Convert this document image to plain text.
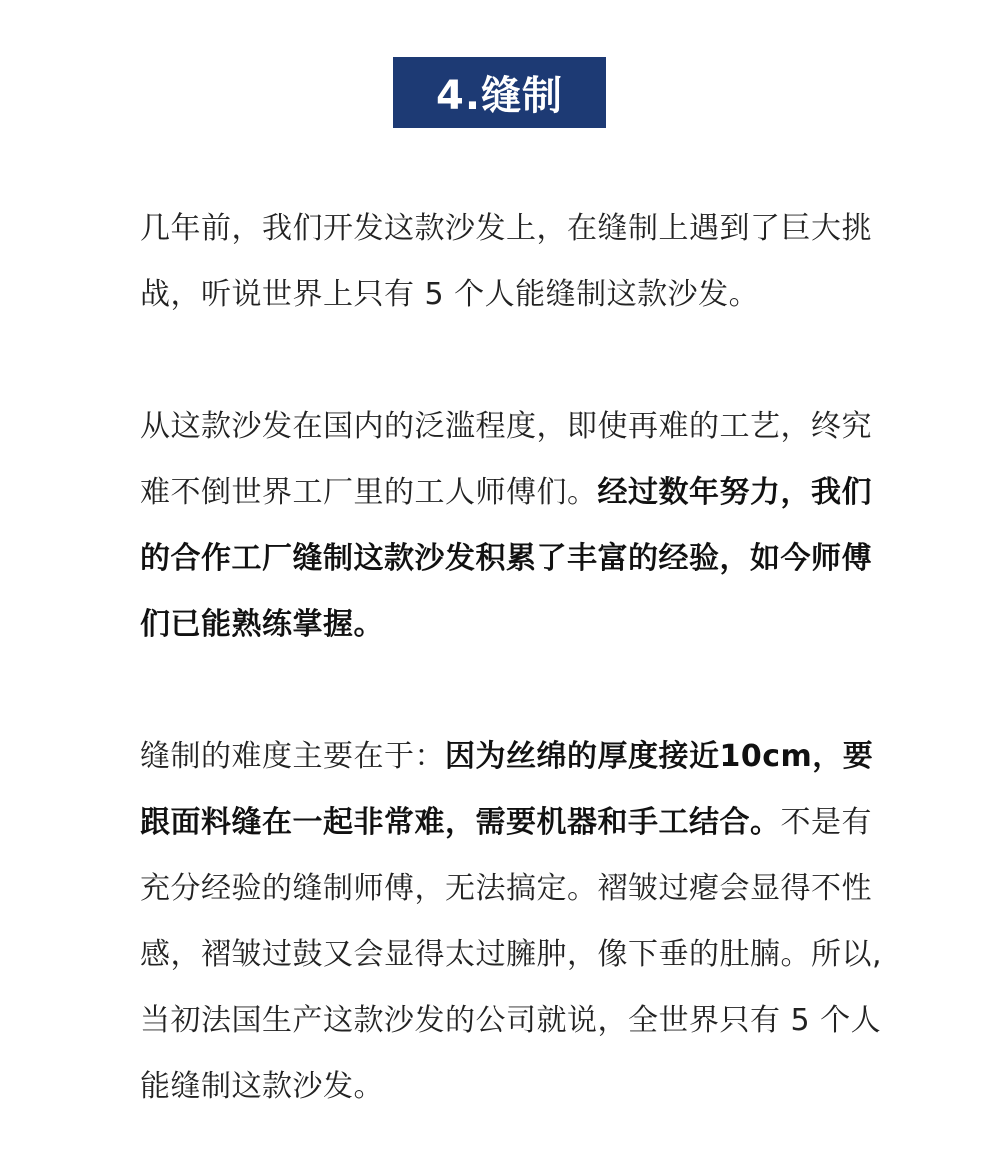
4.缝制

几年前，我们开发这款沙发上，在缝制上遇到了巨大挑战，听说世界上只有 5 个人能缝制这款沙发。

从这款沙发在国内的泛滥程度，即使再难的工艺，终究难不倒世界工厂里的工人师傅们。经过数年努力，我们的合作工厂缝制这款沙发积累了丰富的经验，如今师傅们已能熟练掌握。

缝制的难度主要在于：因为丝绵的厚度接近10cm，要跟面料缝在一起非常难，需要机器和手工结合。不是有充分经验的缝制师傅，无法搞定。褶皱过瘪会显得不性感，褶皱过鼓又会显得太过臃肿，像下垂的肚腩。所以,当初法国生产这款沙发的公司就说，全世界只有 5 个人能缝制这款沙发。
